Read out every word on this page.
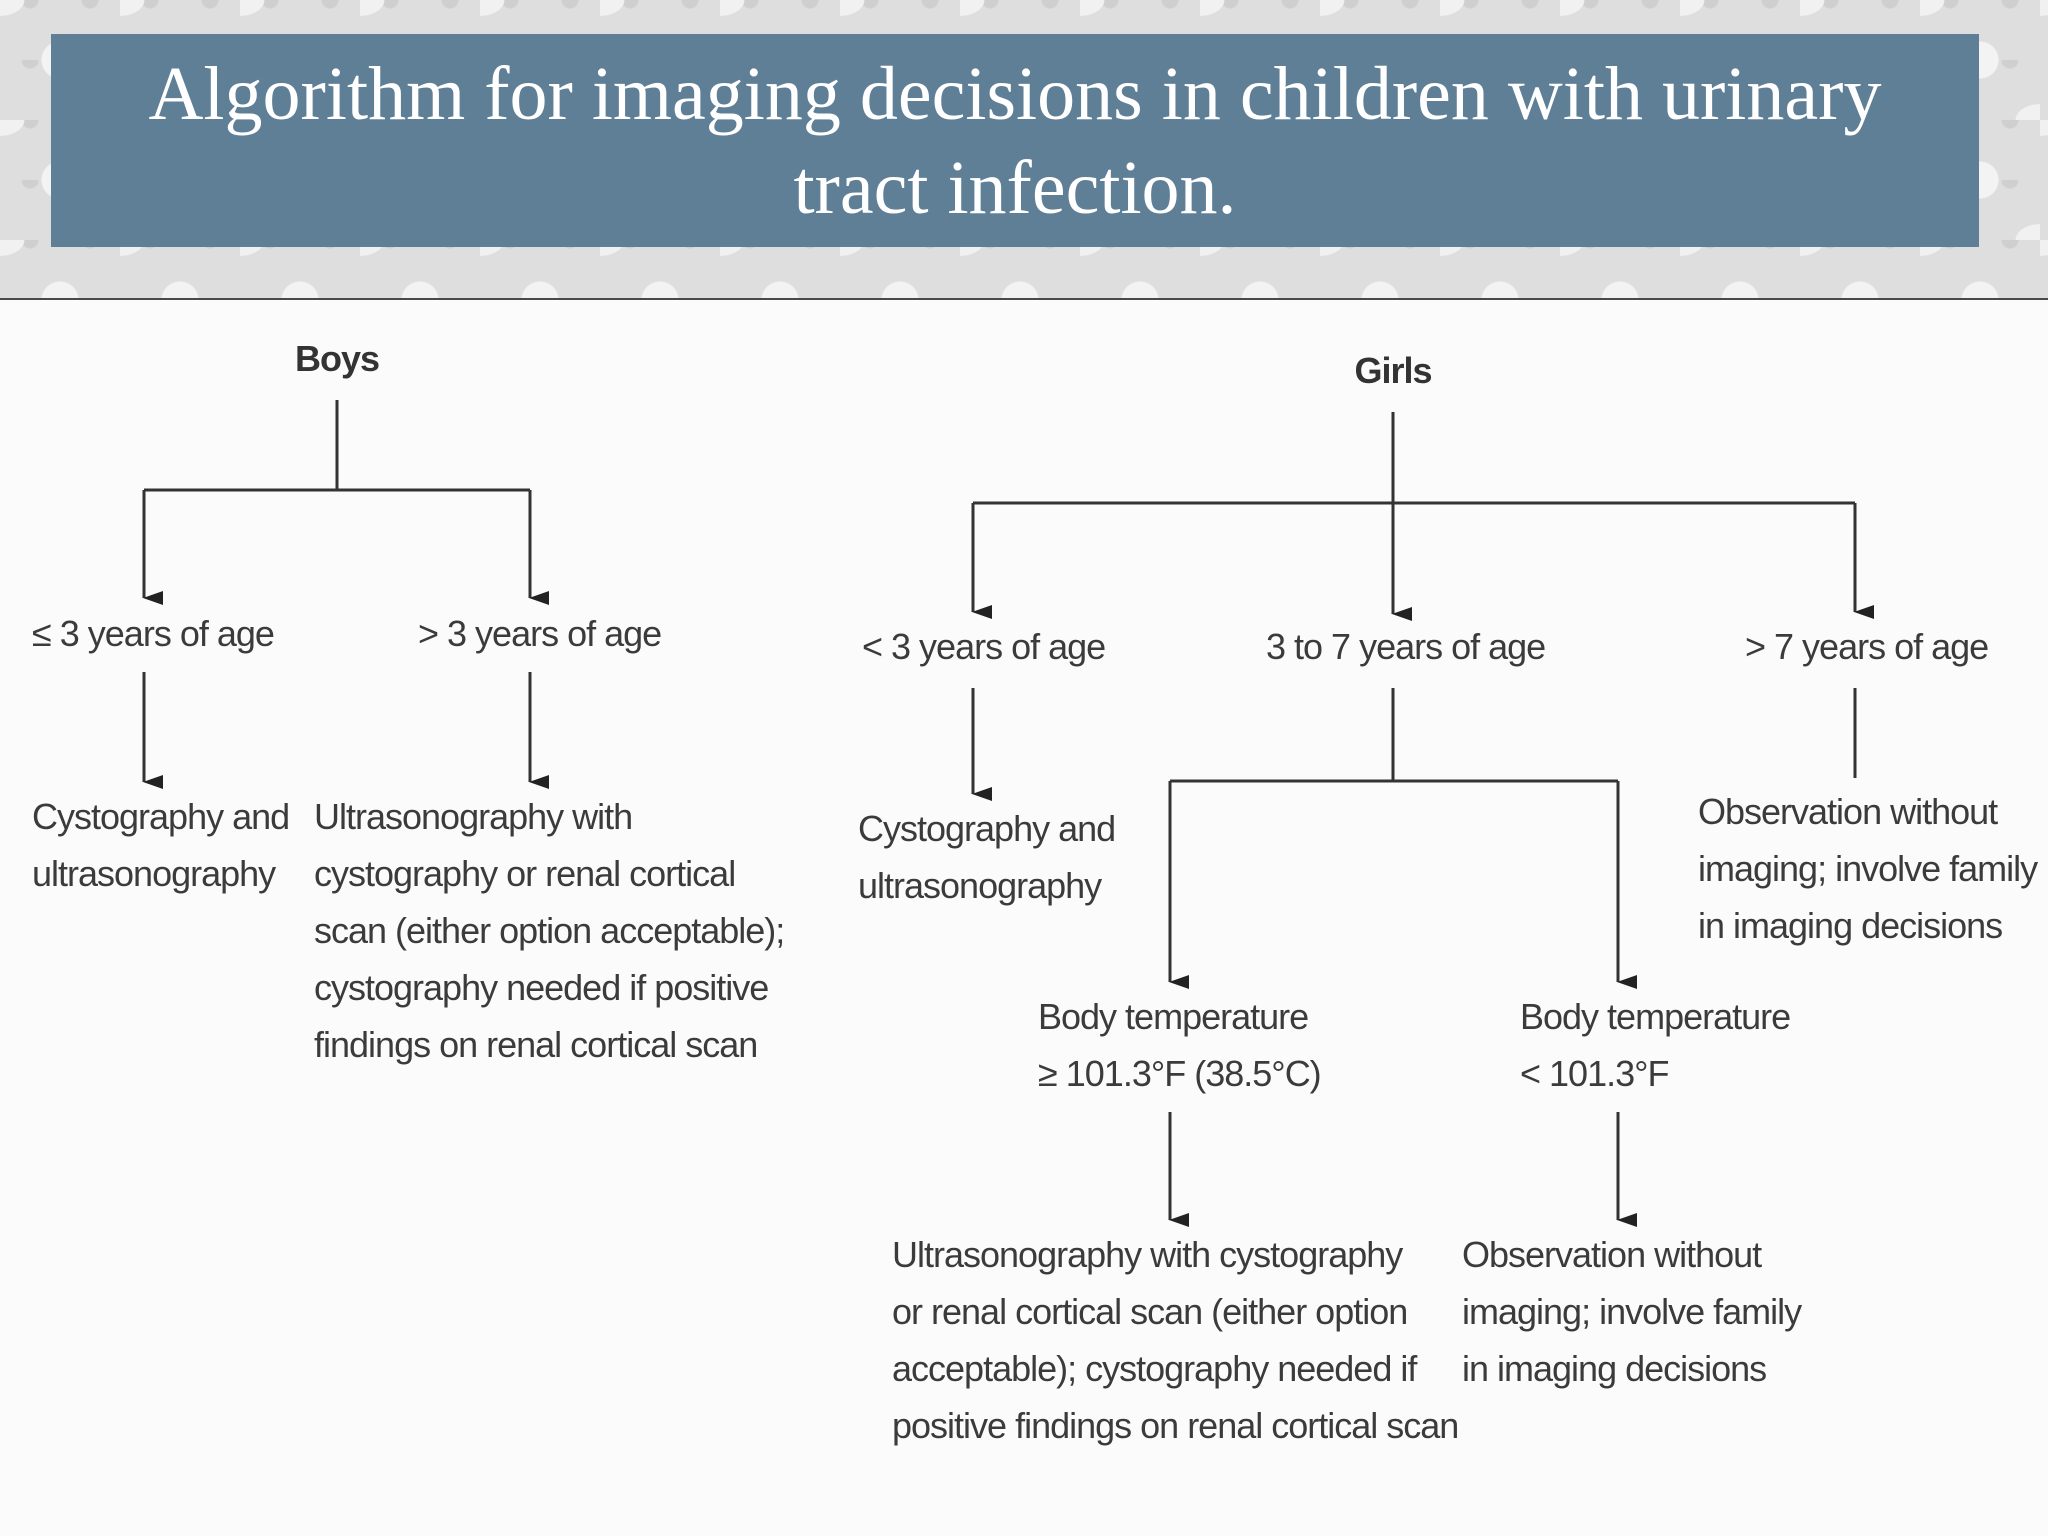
Algorithm for imaging decisions in children with urinary tract infection.
Boys
≤ 3 years of age	> 3 years of age
Cystography and
ultrasonography
Ultrasonography with
cystography or renal cortical
scan (either option acceptable);
cystography needed if positive
findings on renal cortical scan
Girls
< 3 years of age	3 to 7 years of age	> 7 years of age
Cystography and
ultrasonography
Observation without
imaging; involve family
in imaging decisions
Body temperature
≥ 101.3°F (38.5°C)
Body temperature
< 101.3°F
Ultrasonography with cystography
or renal cortical scan (either option
acceptable); cystography needed if
positive findings on renal cortical scan
Observation without
imaging; involve family
in imaging decisions
